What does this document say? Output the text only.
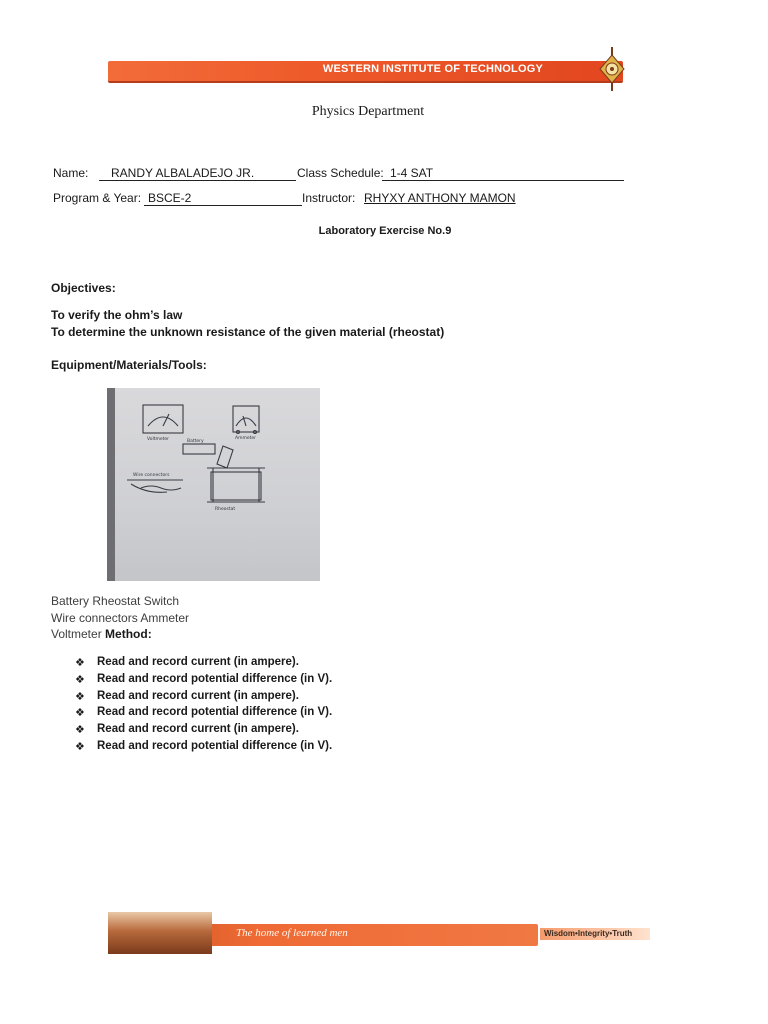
WESTERN INSTITUTE OF TECHNOLOGY
Physics Department
Name:	RANDY ALBALADEJO JR.	Class Schedule: 1-4 SAT
Program & Year: BSCE-2	Instructor: RHYXY ANTHONY MAMON
Laboratory Exercise No.9
Objectives:
To verify the ohm’s law
To determine the unknown resistance of the given material (rheostat)
Equipment/Materials/Tools:
Voltmeter	Ammeter
Battery
Wire connectors
Rheostat
Battery Rheostat Switch
Wire connectors Ammeter
Voltmeter Method:
❖ Read and record current (in ampere).
❖ Read and record potential difference (in V).
❖ Read and record current (in ampere).
❖ Read and record potential difference (in V).
❖ Read and record current (in ampere).
❖ Read and record potential difference (in V).
The home of learned men	Wisdom•Integrity•Truth
